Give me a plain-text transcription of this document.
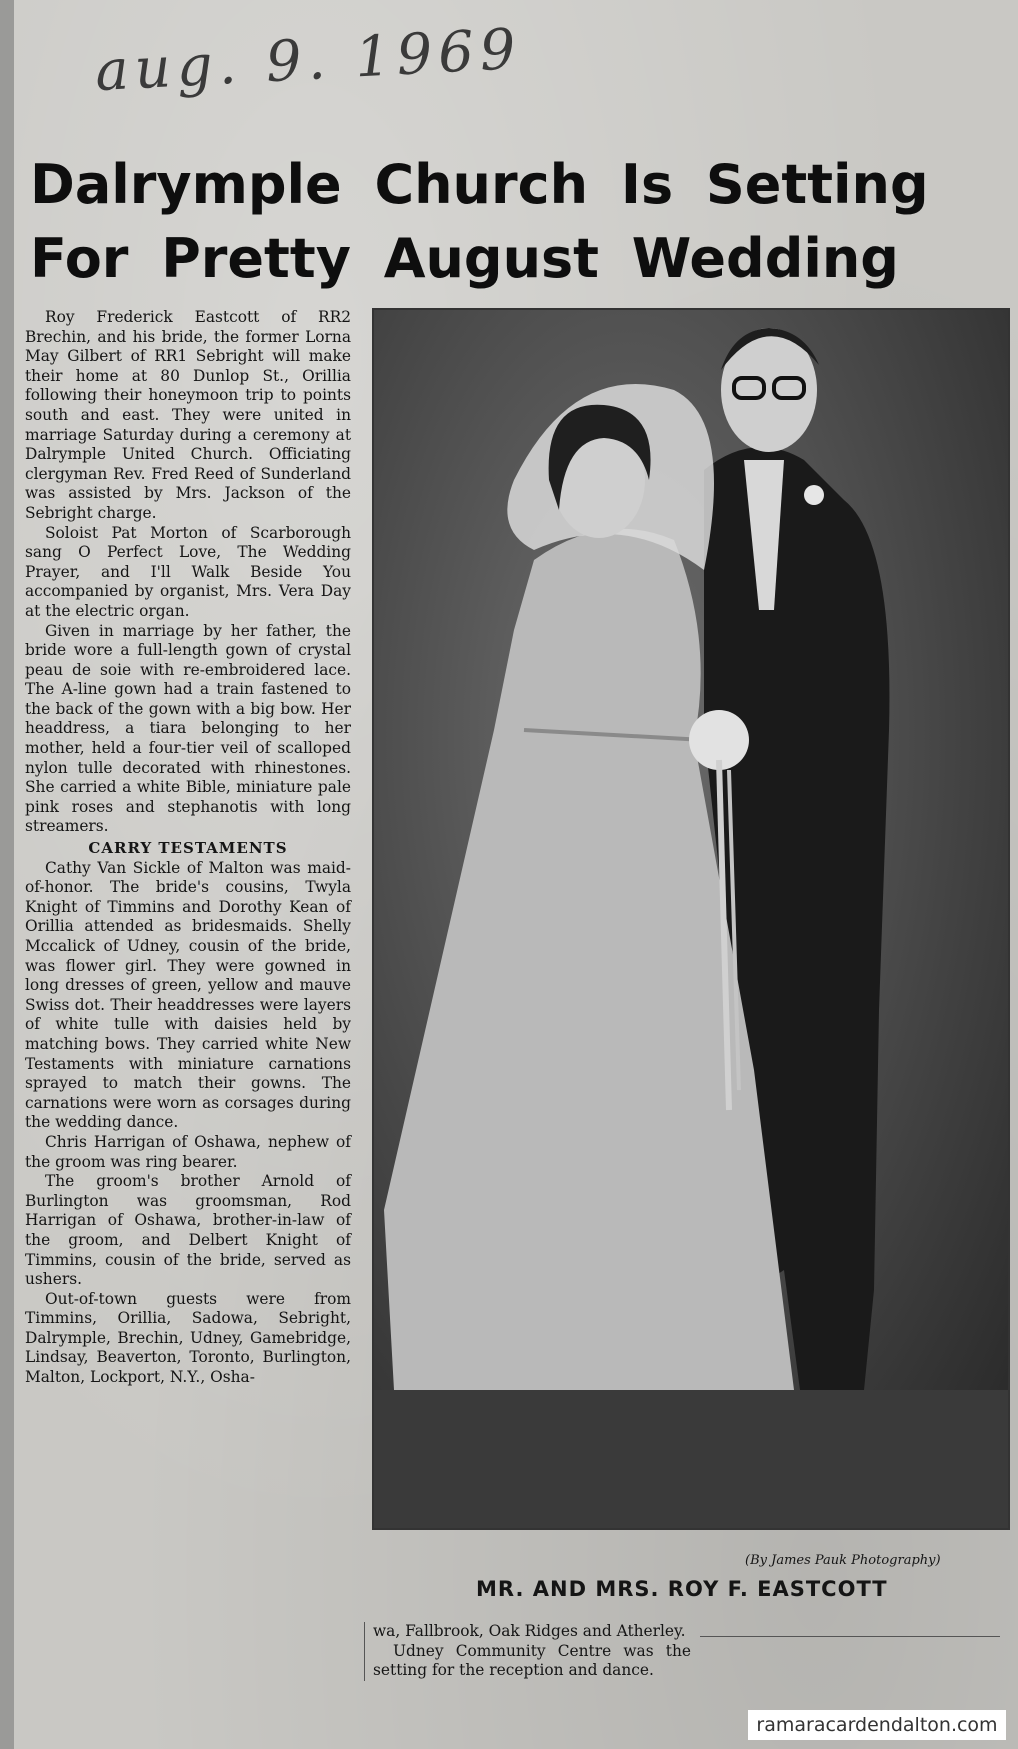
aug. 9. 1969
Dalrymple Church Is Setting
For Pretty August Wedding

Roy Frederick Eastcott of RR2 Brechin, and his bride, the former Lorna May Gilbert of RR1 Sebright will make their home at 80 Dunlop St., Orillia following their honeymoon trip to points south and east. They were united in marriage Saturday during a ceremony at Dalrymple United Church. Officiating clergyman Rev. Fred Reed of Sunderland was assisted by Mrs. Jackson of the Sebright charge.

Soloist Pat Morton of Scarborough sang O Perfect Love, The Wedding Prayer, and I'll Walk Beside You accompanied by organist, Mrs. Vera Day at the electric organ.

Given in marriage by her father, the bride wore a full-length gown of crystal peau de soie with re-embroidered lace. The A-line gown had a train fastened to the back of the gown with a big bow. Her headdress, a tiara belonging to her mother, held a four-tier veil of scalloped nylon tulle decorated with rhinestones. She carried a white Bible, miniature pale pink roses and stephanotis with long streamers.

CARRY TESTAMENTS

Cathy Van Sickle of Malton was maid-of-honor. The bride's cousins, Twyla Knight of Timmins and Dorothy Kean of Orillia attended as bridesmaids. Shelly Mccalick of Udney, cousin of the bride, was flower girl. They were gowned in long dresses of green, yellow and mauve Swiss dot. Their headdresses were layers of white tulle with daisies held by matching bows. They carried white New Testaments with miniature carnations sprayed to match their gowns. The carnations were worn as corsages during the wedding dance.

Chris Harrigan of Oshawa, nephew of the groom was ring bearer.

The groom's brother Arnold of Burlington was groomsman, Rod Harrigan of Oshawa, brother-in-law of the groom, and Delbert Knight of Timmins, cousin of the bride, served as ushers.

Out-of-town guests were from Timmins, Orillia, Sadowa, Sebright, Dalrymple, Brechin, Udney, Gamebridge, Lindsay, Beaverton, Toronto, Burlington, Malton, Lockport, N.Y., Osha-

(By James Pauk Photography)
MR. AND MRS. ROY F. EASTCOTT

wa, Fallbrook, Oak Ridges and Atherley.

Udney Community Centre was the setting for the reception and dance.

ramaracardendalton.com
